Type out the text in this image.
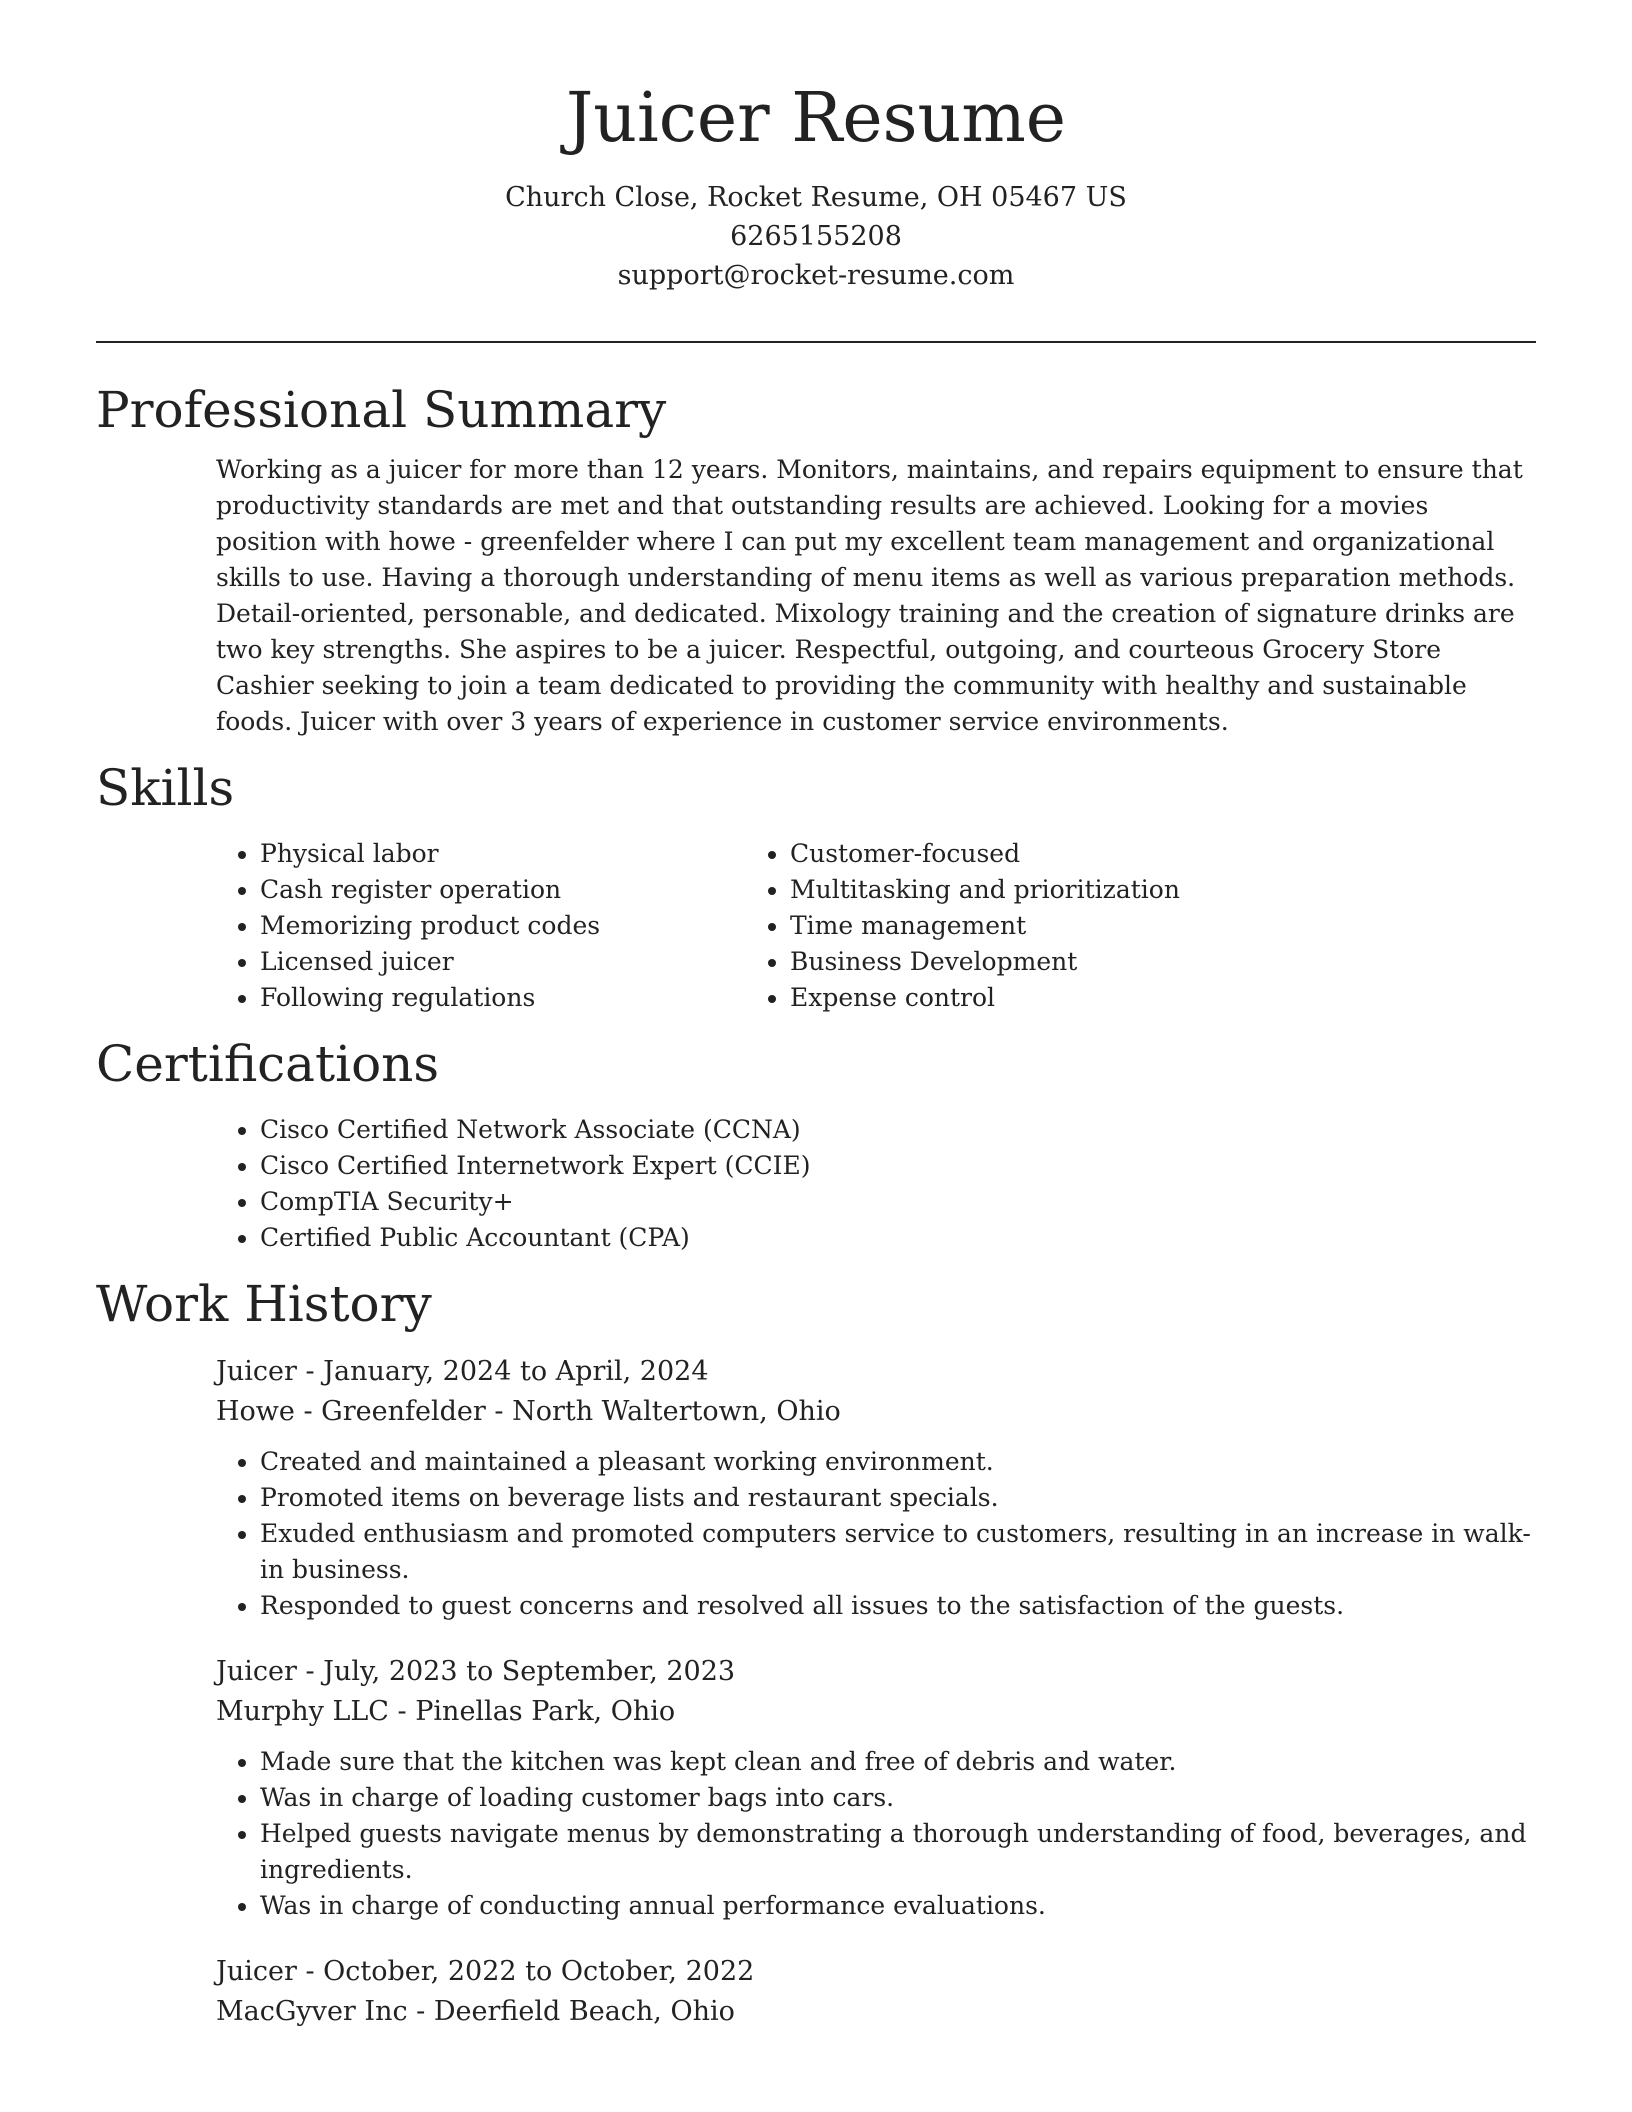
Juicer Resume
Church Close, Rocket Resume, OH 05467 US
6265155208
support@rocket-resume.com
Professional Summary

Working as a juicer for more than 12 years. Monitors, maintains, and repairs equipment to ensure that productivity standards are met and that outstanding results are achieved. Looking for a movies position with howe - greenfelder where I can put my excellent team management and organizational skills to use. Having a thorough understanding of menu items as well as various preparation methods. Detail-oriented, personable, and dedicated. Mixology training and the creation of signature drinks are two key strengths. She aspires to be a juicer. Respectful, outgoing, and courteous Grocery Store Cashier seeking to join a team dedicated to providing the community with healthy and sustainable foods. Juicer with over 3 years of experience in customer service environments.

Skills
• Physical labor
• Cash register operation
• Memorizing product codes
• Licensed juicer
• Following regulations
• Customer-focused
• Multitasking and prioritization
• Time management
• Business Development
• Expense control
Certifications
• Cisco Certified Network Associate (CCNA)
• Cisco Certified Internetwork Expert (CCIE)
• CompTIA Security+
• Certified Public Accountant (CPA)
Work History
Juicer - January, 2024 to April, 2024
Howe - Greenfelder - North Waltertown, Ohio
• Created and maintained a pleasant working environment.
• Promoted items on beverage lists and restaurant specials.
• Exuded enthusiasm and promoted computers service to customers, resulting in an increase in walk-in business.
• Responded to guest concerns and resolved all issues to the satisfaction of the guests.
Juicer - July, 2023 to September, 2023
Murphy LLC - Pinellas Park, Ohio
• Made sure that the kitchen was kept clean and free of debris and water.
• Was in charge of loading customer bags into cars.
• Helped guests navigate menus by demonstrating a thorough understanding of food, beverages, and ingredients.
• Was in charge of conducting annual performance evaluations.
Juicer - October, 2022 to October, 2022
MacGyver Inc - Deerfield Beach, Ohio
